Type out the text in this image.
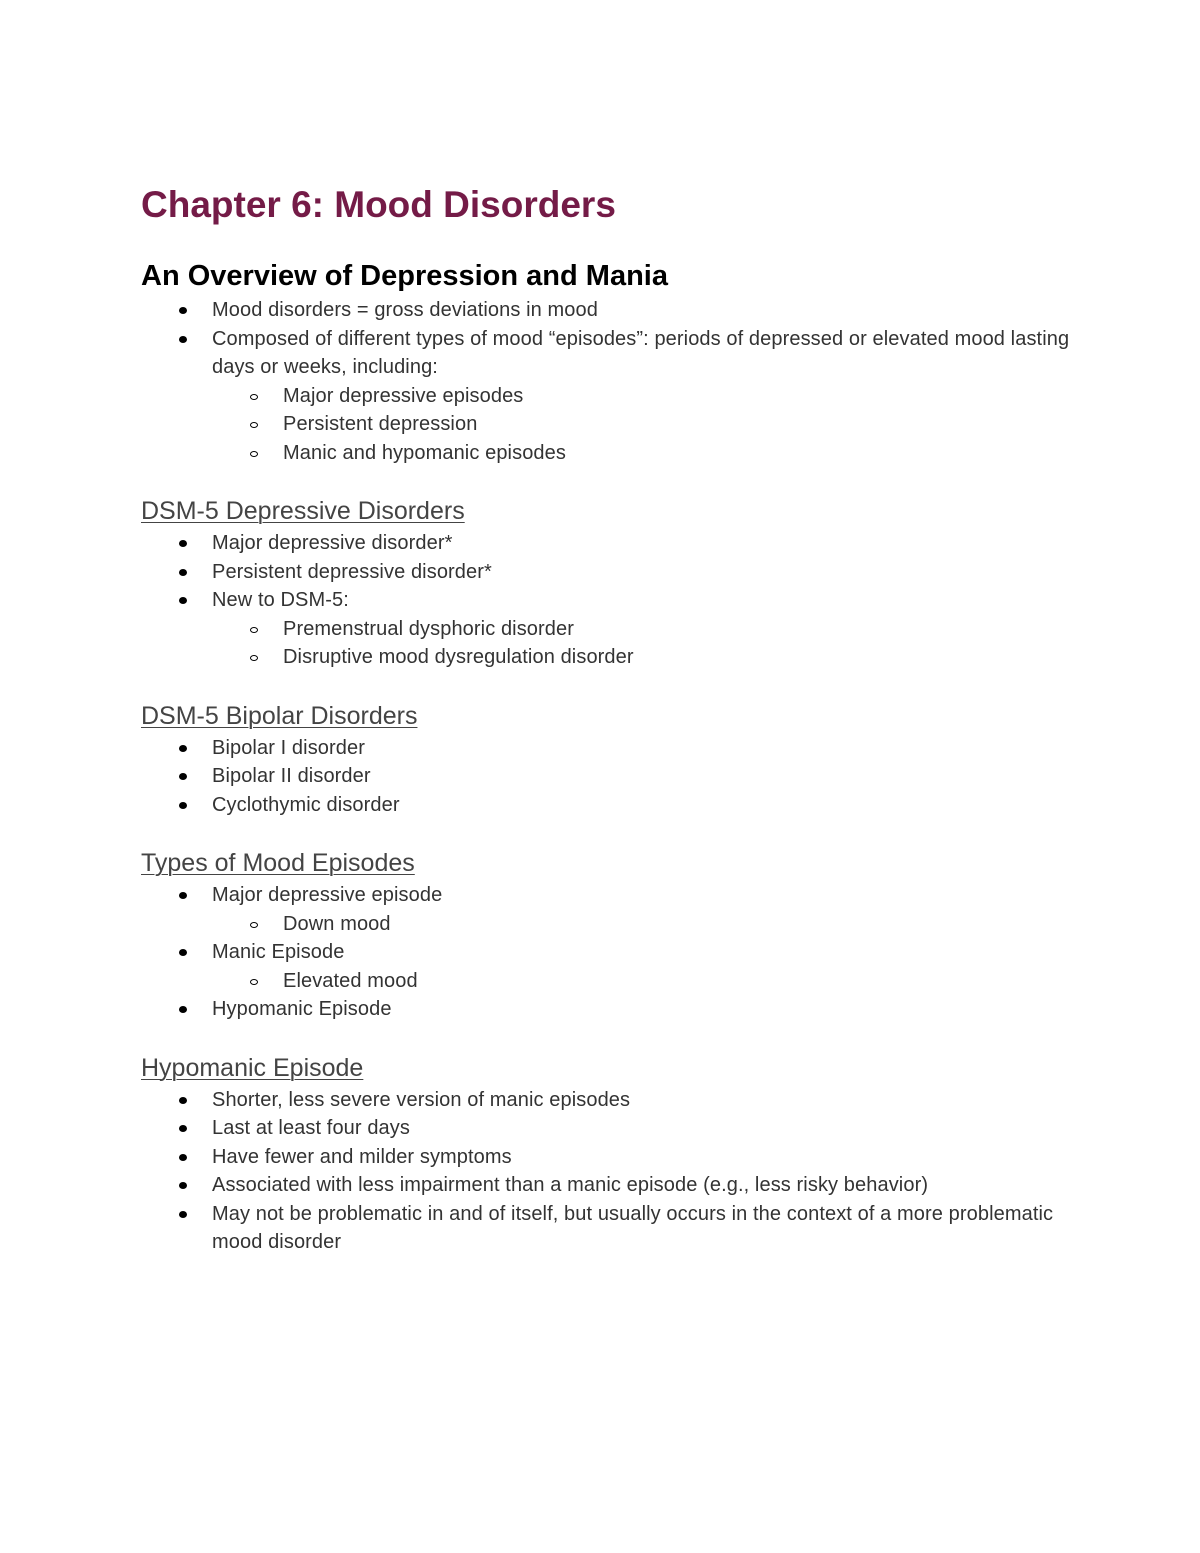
Chapter 6: Mood Disorders
An Overview of Depression and Mania
Mood disorders = gross deviations in mood
Composed of different types of mood “episodes”: periods of depressed or elevated mood lasting days or weeks, including:
Major depressive episodes
Persistent depression
Manic and hypomanic episodes
DSM-5 Depressive Disorders
Major depressive disorder*
Persistent depressive disorder*
New to DSM-5:
Premenstrual dysphoric disorder
Disruptive mood dysregulation disorder
DSM-5 Bipolar Disorders
Bipolar I disorder
Bipolar II disorder
Cyclothymic disorder
Types of Mood Episodes
Major depressive episode
Down mood
Manic Episode
Elevated mood
Hypomanic Episode
Hypomanic Episode
Shorter, less severe version of manic episodes
Last at least four days
Have fewer and milder symptoms
Associated with less impairment than a manic episode (e.g., less risky behavior)
May not be problematic in and of itself, but usually occurs in the context of a more problematic mood disorder
